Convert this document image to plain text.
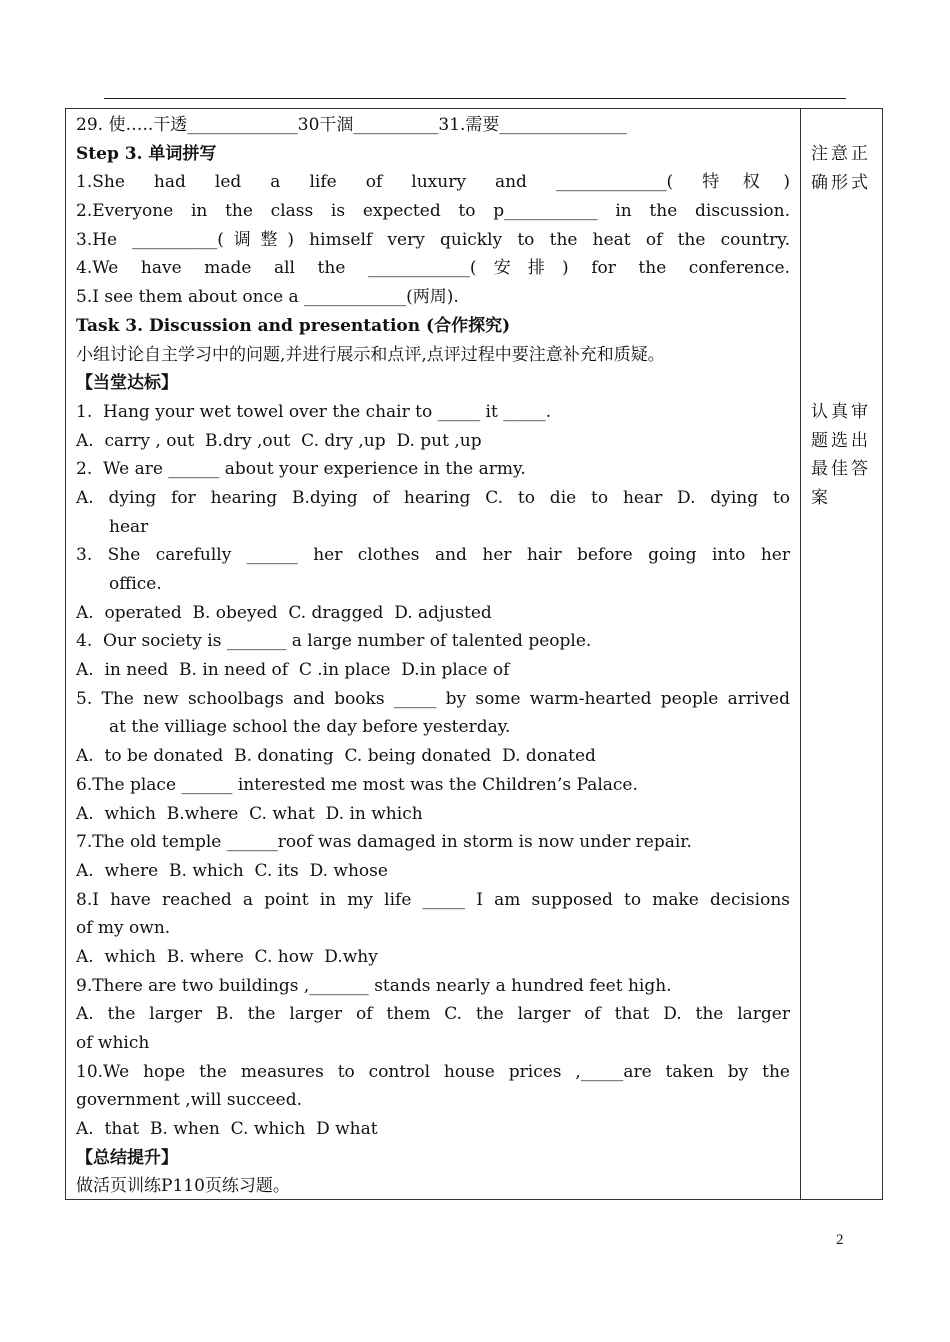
29. 使…..干透_____________30干涸__________31.需要_______________
Step 3. 单词拼写
1.She had led a life of luxury and _____________( 特权)
2.Everyone in the class is expected to p___________ in the discussion.
3.He __________(调整) himself very quickly to the heat of the country.
4.We have made all the ____________(安排) for the conference.
5.I see them about once a ____________(两周).
Task 3. Discussion and presentation (合作探究)
小组讨论自主学习中的问题,并进行展示和点评,点评过程中要注意补充和质疑。
【当堂达标】
1.  Hang your wet towel over the chair to _____ it _____.
A.  carry , out  B.dry ,out  C. dry ,up  D. put ,up
2.  We are ______ about your experience in the army.
A. dying for hearing B.dying of hearing C. to die to hear D. dying to
hear
3. She carefully ______ her clothes and her hair before going into her
office.
A.  operated  B. obeyed  C. dragged  D. adjusted
4.  Our society is _______ a large number of talented people.
A.  in need  B. in need of  C .in place  D.in place of
5. The new schoolbags and books _____ by some warm-hearted people arrived
at the villiage school the day before yesterday.
A.  to be donated  B. donating  C. being donated  D. donated
6.The place ______ interested me most was the Children’s Palace.
A.  which  B.where  C. what  D. in which
7.The old temple ______roof was damaged in storm is now under repair.
A.  where  B. which  C. its  D. whose
8.I have reached a point in my life _____ I am supposed to make decisions
of my own.
A.  which  B. where  C. how  D.why
9.There are two buildings ,_______ stands nearly a hundred feet high.
A. the larger B. the larger of them C. the larger of that D. the larger
of which
10.We hope the measures to control house prices ,_____are taken by the
government ,will succeed.
A.  that  B. when  C. which  D what
【总结提升】
做活页训练P110页练习题。
注意正
确形式
认真审
题选出
最佳答
案
2
